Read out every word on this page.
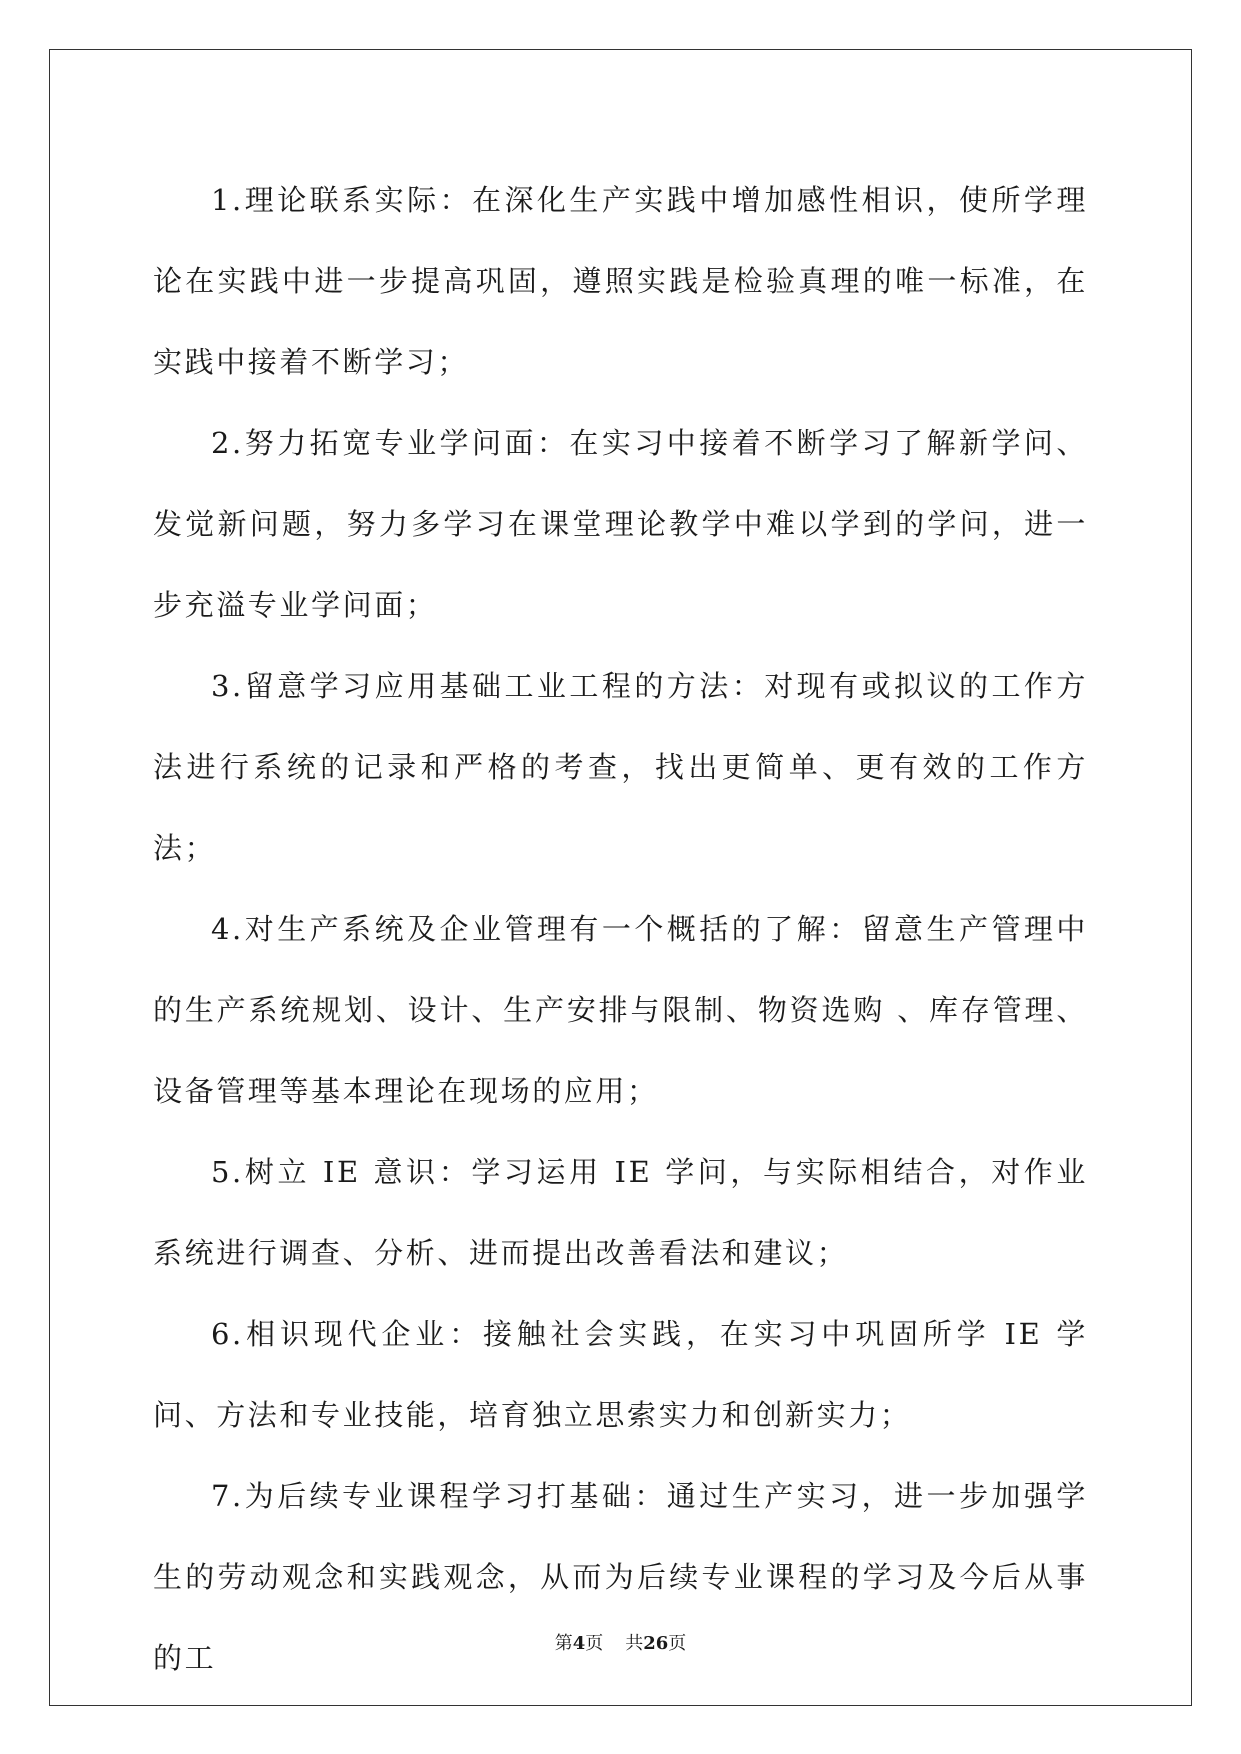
1.理论联系实际：在深化生产实践中增加感性相识，使所学理论在实践中进一步提高巩固，遵照实践是检验真理的唯一标准，在实践中接着不断学习；

2.努力拓宽专业学问面：在实习中接着不断学习了解新学问、发觉新问题，努力多学习在课堂理论教学中难以学到的学问，进一步充溢专业学问面；

3.留意学习应用基础工业工程的方法：对现有或拟议的工作方法进行系统的记录和严格的考查，找出更简单、更有效的工作方法；

4.对生产系统及企业管理有一个概括的了解：留意生产管理中的生产系统规划、设计、生产安排与限制、物资选购 、库存管理、设备管理等基本理论在现场的应用；

5.树立 IE 意识：学习运用 IE 学问，与实际相结合，对作业系统进行调查、分析、进而提出改善看法和建议；

6.相识现代企业：接触社会实践，在实习中巩固所学 IE 学问、方法和专业技能，培育独立思索实力和创新实力；

7.为后续专业课程学习打基础：通过生产实习，进一步加强学生的劳动观念和实践观念，从而为后续专业课程的学习及今后从事的工	第4页 共26页
